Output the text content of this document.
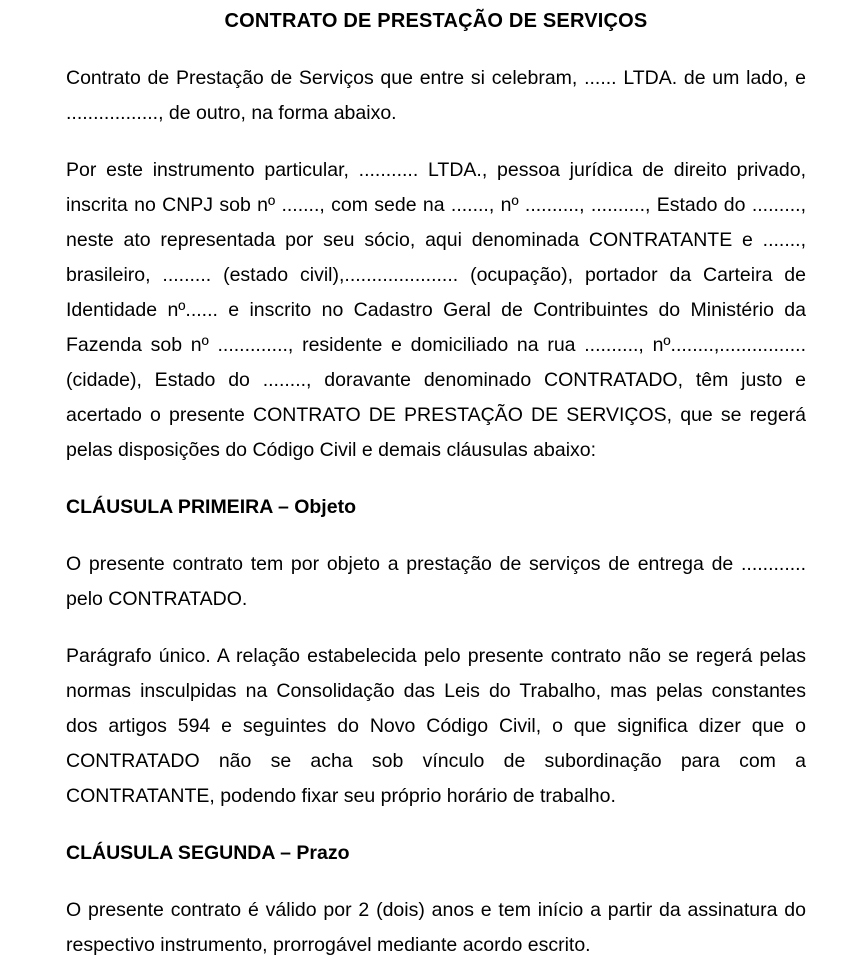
CONTRATO DE PRESTAÇÃO DE SERVIÇOS

Contrato de Prestação de Serviços que entre si celebram, ...... LTDA. de um lado, e
................., de outro, na forma abaixo.

Por este instrumento particular, ........... LTDA., pessoa jurídica de direito privado,
inscrita no CNPJ sob nº ......., com sede na ......., nº .........., .........., Estado do .........,
neste ato representada por seu sócio, aqui denominada CONTRATANTE e .......,
brasileiro, ......... (estado civil),..................... (ocupação), portador da Carteira de
Identidade nº...... e inscrito no Cadastro Geral de Contribuintes do Ministério da
Fazenda sob nº ............., residente e domiciliado na rua .........., nº........,................
(cidade), Estado do ........, doravante denominado CONTRATADO, têm justo e
acertado o presente CONTRATO DE PRESTAÇÃO DE SERVIÇOS, que se regerá
pelas disposições do Código Civil e demais cláusulas abaixo:

CLÁUSULA PRIMEIRA – Objeto

O presente contrato tem por objeto a prestação de serviços de entrega de ............
pelo CONTRATADO.

Parágrafo único. A relação estabelecida pelo presente contrato não se regerá pelas
normas insculpidas na Consolidação das Leis do Trabalho, mas pelas constantes
dos artigos 594 e seguintes do Novo Código Civil, o que significa dizer que o
CONTRATADO não se acha sob vínculo de subordinação para com a
CONTRATANTE, podendo fixar seu próprio horário de trabalho.

CLÁUSULA SEGUNDA – Prazo

O presente contrato é válido por 2 (dois) anos e tem início a partir da assinatura do
respectivo instrumento, prorrogável mediante acordo escrito.
